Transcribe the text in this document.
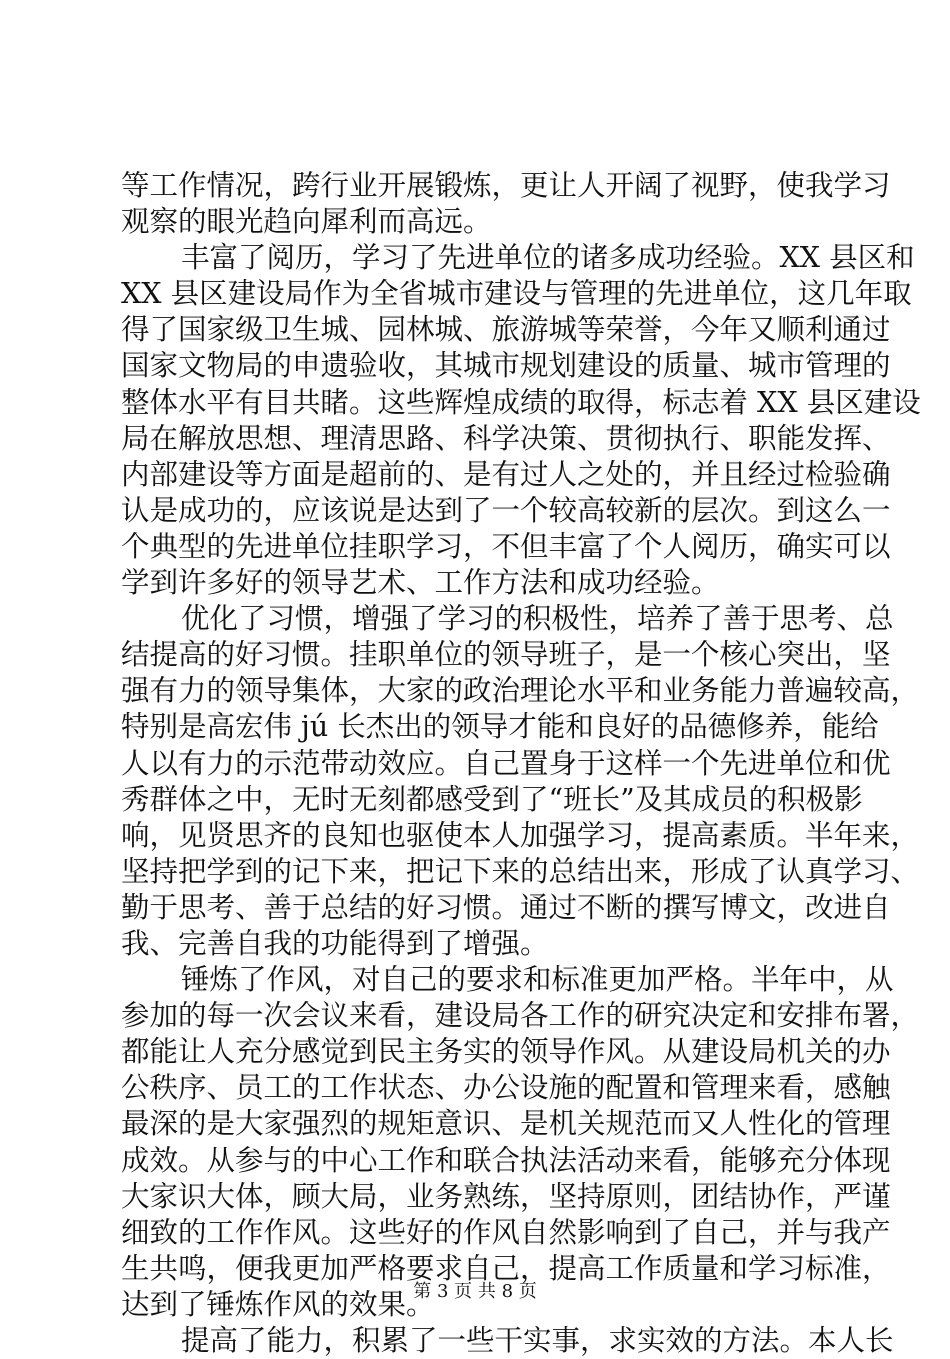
等工作情况，跨行业开展锻炼，更让人开阔了视野，使我学习
观察的眼光趋向犀利而高远。
丰富了阅历，学习了先进单位的诸多成功经验。XX 县区和
XX 县区建设局作为全省城市建设与管理的先进单位，这几年取
得了国家级卫生城、园林城、旅游城等荣誉，今年又顺利通过
国家文物局的申遗验收，其城市规划建设的质量、城市管理的
整体水平有目共睹。这些辉煌成绩的取得，标志着 XX 县区建设
局在解放思想、理清思路、科学决策、贯彻执行、职能发挥、
内部建设等方面是超前的、是有过人之处的，并且经过检验确
认是成功的，应该说是达到了一个较高较新的层次。到这么一
个典型的先进单位挂职学习，不但丰富了个人阅历，确实可以
学到许多好的领导艺术、工作方法和成功经验。
优化了习惯，增强了学习的积极性，培养了善于思考、总
结提高的好习惯。挂职单位的领导班子，是一个核心突出，坚
强有力的领导集体，大家的政治理论水平和业务能力普遍较高，
特别是高宏伟 jú 长杰出的领导才能和良好的品德修养，能给
人以有力的示范带动效应。自己置身于这样一个先进单位和优
秀群体之中，无时无刻都感受到了“班长”及其成员的积极影
响，见贤思齐的良知也驱使本人加强学习，提高素质。半年来，
坚持把学到的记下来，把记下来的总结出来，形成了认真学习、
勤于思考、善于总结的好习惯。通过不断的撰写博文，改进自
我、完善自我的功能得到了增强。
锤炼了作风，对自己的要求和标准更加严格。半年中，从
参加的每一次会议来看，建设局各工作的研究决定和安排布署，
都能让人充分感觉到民主务实的领导作风。从建设局机关的办
公秩序、员工的工作状态、办公设施的配置和管理来看，感触
最深的是大家强烈的规矩意识、是机关规范而又人性化的管理
成效。从参与的中心工作和联合执法活动来看，能够充分体现
大家识大体，顾大局，业务熟练，坚持原则，团结协作，严谨
细致的工作作风。这些好的作风自然影响到了自己，并与我产
生共鸣，便我更加严格要求自己，提高工作质量和学习标准，
达到了锤炼作风的效果。
提高了能力，积累了一些干实事，求实效的方法。本人长
第 3 页 共 8 页
